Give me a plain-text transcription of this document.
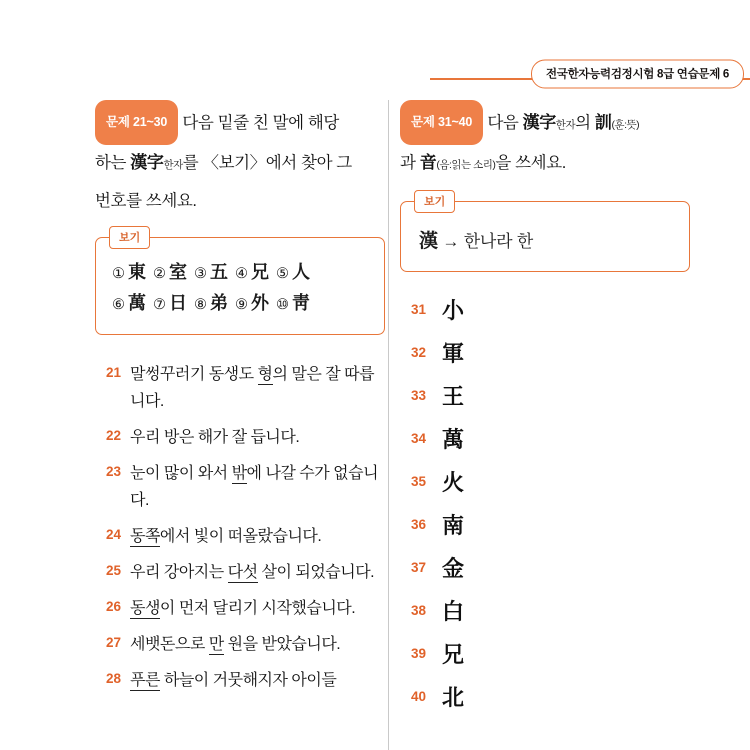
전국한자능력검정시험 8급 연습문제 6
문제 21~30 다음 밑줄 친 말에 해당
하는 漢字한자를 〈보기〉에서 찾아 그
번호를 쓰세요.
보기
① 東 ② 室 ③ 五 ④ 兄 ⑤ 人
⑥ 萬 ⑦ 日 ⑧ 弟 ⑨ 外 ⑩ 靑
21 말썽꾸러기 동생도 형의 말은 잘 따릅니다.
22 우리 방은 해가 잘 듭니다.
23 눈이 많이 와서 밖에 나갈 수가 없습니다.
24 동쪽에서 빛이 떠올랐습니다.
25 우리 강아지는 다섯 살이 되었습니다.
26 동생이 먼저 달리기 시작했습니다.
27 세뱃돈으로 만 원을 받았습니다.
28 푸른 하늘이 거뭇해지자 아이들
문제 31~40 다음 漢字한자의 訓(훈:뜻)
과 音(음:읽는 소리)을 쓰세요.
보기
漢 → 한나라 한
31 小
32 軍
33 王
34 萬
35 火
36 南
37 金
38 白
39 兄
40 北
